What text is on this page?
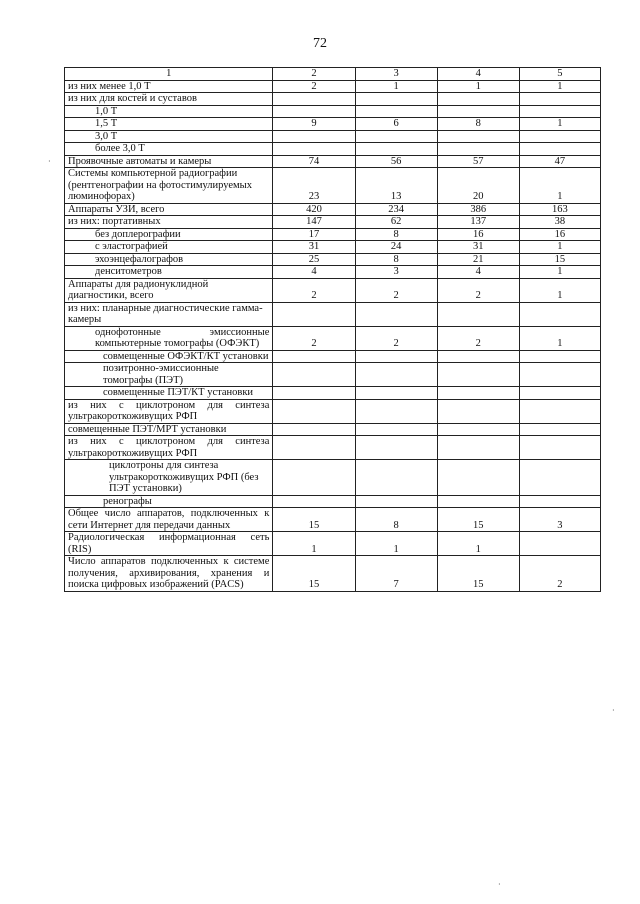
72
1	2	3	4	5
из них менее 1,0 Т	2	1	1	1
из них для костей и суставов				
1,0 Т				
1,5 Т	9	6	8	1
3,0 Т				
более 3,0 Т				
Проявочные автоматы и камеры	74	56	57	47
Системы компьютерной радиографии (рентгенографии на фотостимулируемых люминофорах)	23	13	20	1
Аппараты УЗИ, всего	420	234	386	163
из них: портативных	147	62	137	38
без доплерографии	17	8	16	16
с эластографией	31	24	31	1
эхоэнцефалографов	25	8	21	15
денситометров	4	3	4	1
Аппараты для радионуклидной диагностики, всего	2	2	2	1
из них: планарные диагностические гамма-камеры				
однофотонные эмиссионные компьютерные томографы (ОФЭКТ)	2	2	2	1
совмещенные ОФЭКТ/КТ установки				
позитронно-эмиссионные томографы (ПЭТ)				
совмещенные ПЭТ/КТ установки				
из них с циклотроном для синтеза ультракороткоживущих РФП				
совмещенные ПЭТ/МРТ установки				
из них с циклотроном для синтеза ультракороткоживущих РФП				
циклотроны для синтеза ультракороткоживущих РФП (без ПЭТ установки)				
ренографы				
Общее число аппаратов, подключенных к сети Интернет для передачи данных	15	8	15	3
Радиологическая информационная сеть (RIS)	1	1	1	
Число аппаратов подключенных к системе получения, архивирования, хранения и поиска цифровых изображений (PACS)	15	7	15	2
·
·
·
